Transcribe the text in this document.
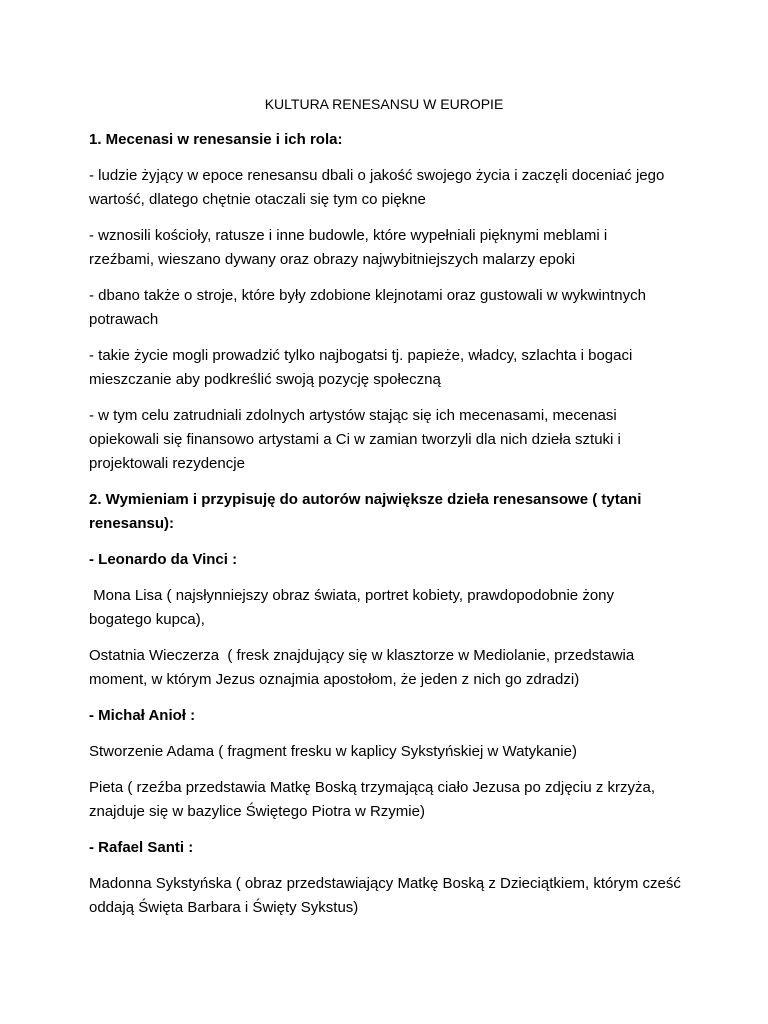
KULTURA RENESANSU W EUROPIE

1. Mecenasi w renesansie i ich rola:

- ludzie żyjący w epoce renesansu dbali o jakość swojego życia i zaczęli doceniać jego
wartość, dlatego chętnie otaczali się tym co piękne

- wznosili kościoły, ratusze i inne budowle, które wypełniali pięknymi meblami i
rzeźbami, wieszano dywany oraz obrazy najwybitniejszych malarzy epoki

- dbano także o stroje, które były zdobione klejnotami oraz gustowali w wykwintnych
potrawach

- takie życie mogli prowadzić tylko najbogatsi tj. papieże, władcy, szlachta i bogaci
mieszczanie aby podkreślić swoją pozycję społeczną

- w tym celu zatrudniali zdolnych artystów stając się ich mecenasami, mecenasi
opiekowali się finansowo artystami a Ci w zamian tworzyli dla nich dzieła sztuki i
projektowali rezydencje

2. Wymieniam i przypisuję do autorów największe dzieła renesansowe ( tytani
renesansu):

- Leonardo da Vinci :

Mona Lisa ( najsłynniejszy obraz świata, portret kobiety, prawdopodobnie żony
bogatego kupca),

Ostatnia Wieczerza  ( fresk znajdujący się w klasztorze w Mediolanie, przedstawia
moment, w którym Jezus oznajmia apostołom, że jeden z nich go zdradzi)

- Michał Anioł :

Stworzenie Adama ( fragment fresku w kaplicy Sykstyńskiej w Watykanie)

Pieta ( rzeźba przedstawia Matkę Boską trzymającą ciało Jezusa po zdjęciu z krzyża,
znajduje się w bazylice Świętego Piotra w Rzymie)

- Rafael Santi :

Madonna Sykstyńska ( obraz przedstawiający Matkę Boską z Dzieciątkiem, którym cześć
oddają Święta Barbara i Święty Sykstus)
